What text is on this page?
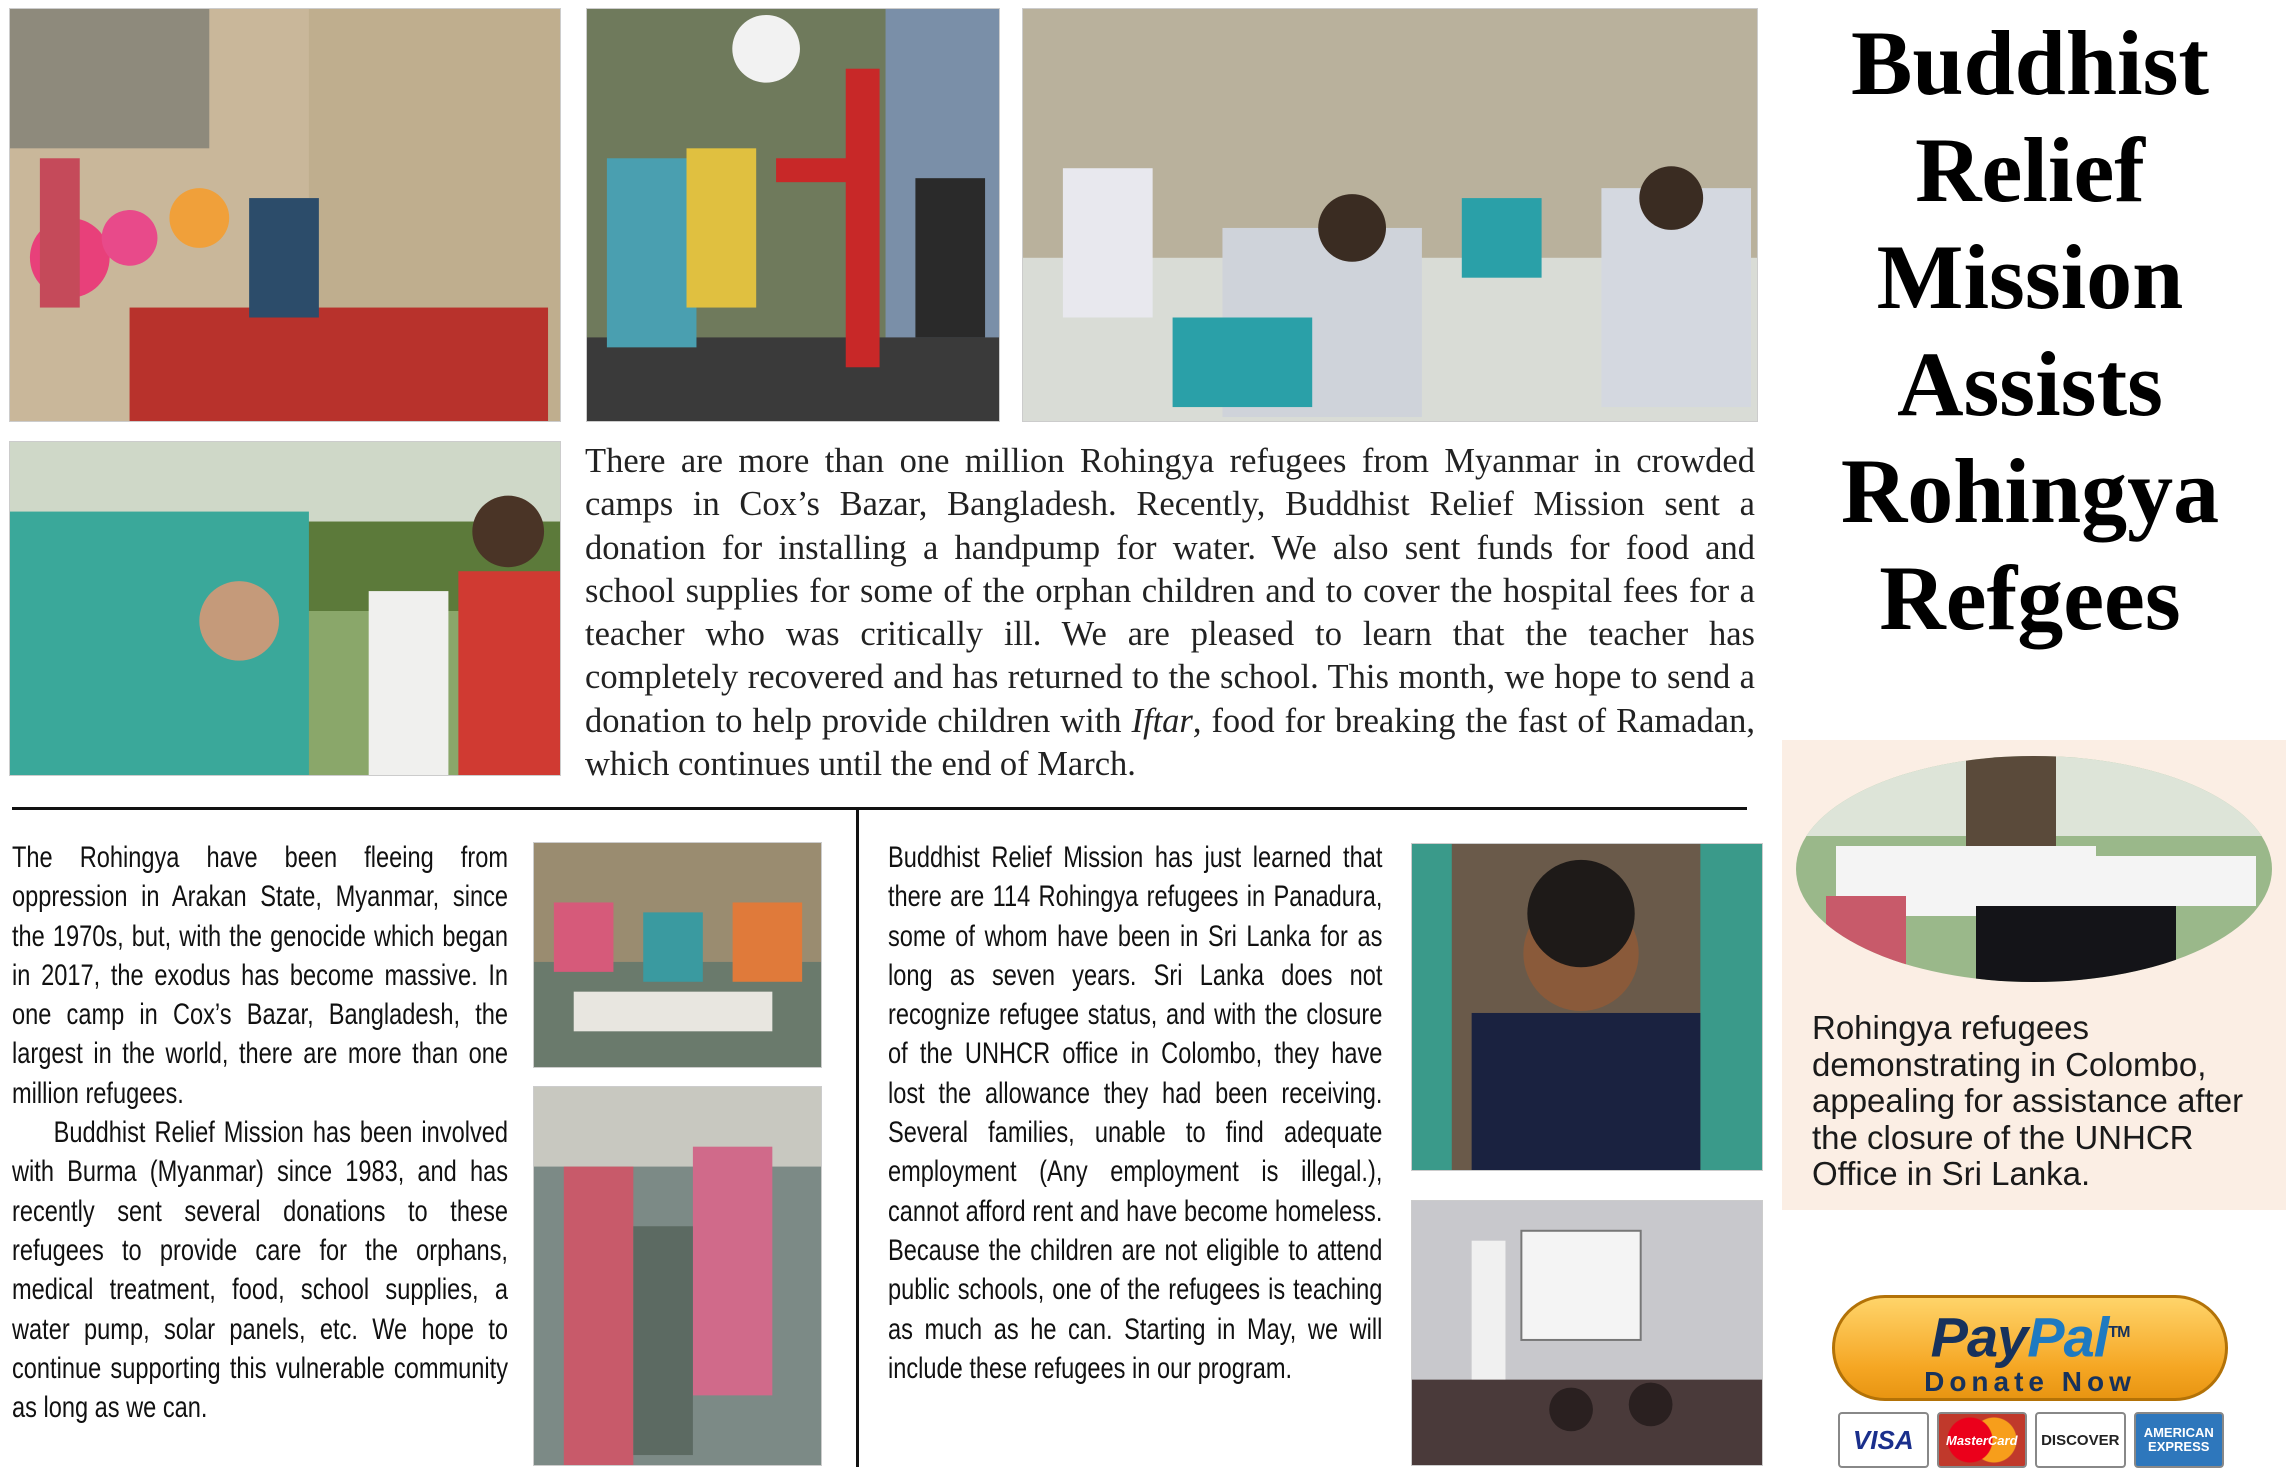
Buddhist
Relief
Mission
Assists
Rohingya
Refgees
There are more than one million Rohingya refugees from Myanmar in crowded camps in Cox’s Bazar, Bangladesh. Recently, Buddhist Relief Mission sent a donation for installing a handpump for water. We also sent funds for food and school supplies for some of the orphan children and to cover the hospital fees for a teacher who was critically ill. We are pleased to learn that the teacher has completely recovered and has returned to the school. This month, we hope to send a donation to help provide children with Iftar, food for breaking the fast of Ramadan, which continues until the end of March.

The Rohingya have been fleeing from oppression in Arakan State, Myanmar, since the 1970s, but, with the genocide which began in 2017, the exodus has become massive. In one camp in Cox’s Bazar, Bangladesh, the largest in the world, there are more than one million refugees.

Buddhist Relief Mission has been involved with Burma (Myanmar) since 1983, and has recently sent several donations to these refugees to provide care for the orphans, medical treatment, food, school supplies, a water pump, solar panels, etc. We hope to continue supporting this vulnerable community as long as we can.

Buddhist Relief Mission has just learned that there are 114 Rohingya refugees in Panadura, some of whom have been in Sri Lanka for as long as seven years. Sri Lanka does not recognize refugee status, and with the closure of the UNHCR office in Colombo, they have lost the allowance they had been receiving. Several families, unable to find adequate employment (Any employment is illegal.), cannot afford rent and have become homeless. Because the children are not eligible to attend public schools, one of the refugees is teaching as much as he can. Starting in May, we will include these refugees in our program.

Rohingya refugees demonstrating in Colombo, appealing for assistance after the closure of the UNHCR Office in Sri Lanka.
PayPal™
Donate Now
VISA	MasterCard	DISCOVER	AMERICAN EXPRESS
